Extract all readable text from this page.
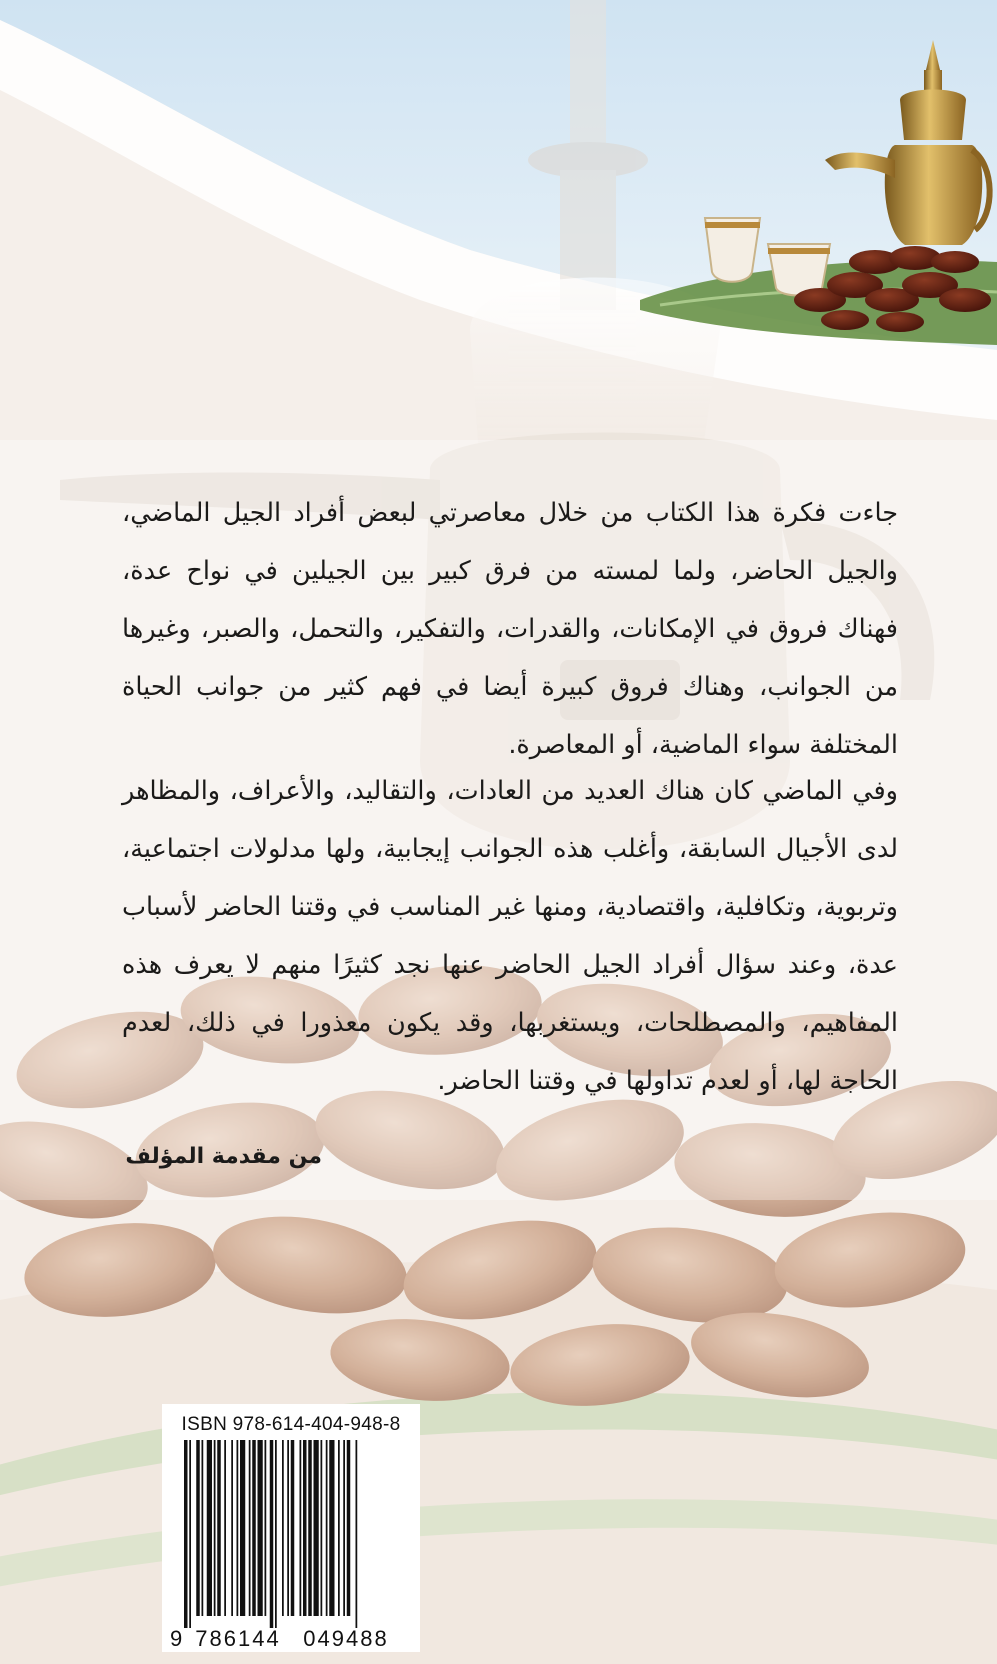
جاءت فكرة هذا الكتاب من خلال معاصرتي لبعض أفراد الجيل الماضي، والجيل الحاضر، ولما لمسته من فرق كبير بين الجيلين في نواح عدة، فهناك فروق في الإمكانات، والقدرات، والتفكير، والتحمل، والصبر، وغيرها من الجوانب، وهناك فروق كبيرة أيضا في فهم كثير من جوانب الحياة المختلفة سواء الماضية، أو المعاصرة.

وفي الماضي كان هناك العديد من العادات، والتقاليد، والأعراف، والمظاهر لدى الأجيال السابقة، وأغلب هذه الجوانب إيجابية، ولها مدلولات اجتماعية، وتربوية، وتكافلية، واقتصادية، ومنها غير المناسب في وقتنا الحاضر لأسباب عدة، وعند سؤال أفراد الجيل الحاضر عنها نجد كثيرًا منهم لا يعرف هذه المفاهيم، والمصطلحات، ويستغربها، وقد يكون معذورا في ذلك، لعدم الحاجة لها، أو لعدم تداولها في وقتنا الحاضر.

من مقدمة المؤلف
ISBN 978-614-404-948-8
9 786144 049488
